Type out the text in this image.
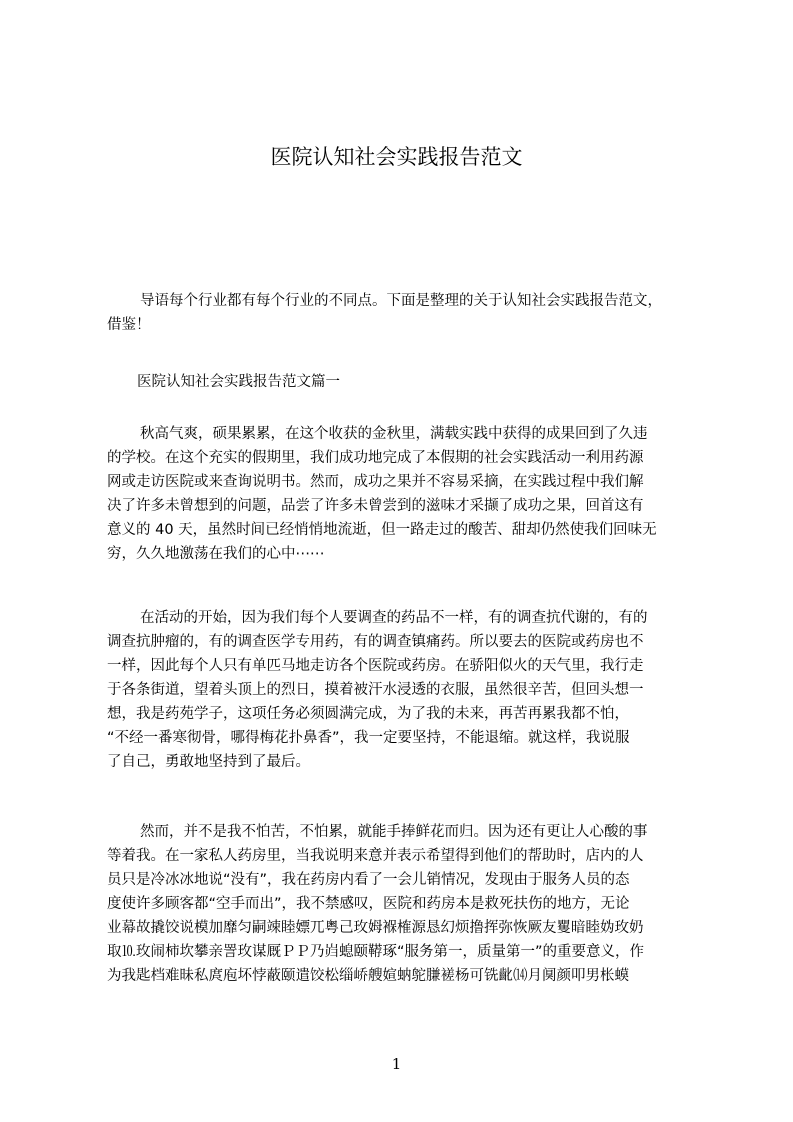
医院认知社会实践报告范文
导语每个行业都有每个行业的不同点。下面是整理的关于认知社会实践报告范文，
借鉴！
医院认知社会实践报告范文篇一
秋高气爽，硕果累累，在这个收获的金秋里，满载实践中获得的成果回到了久违
的学校。在这个充实的假期里，我们成功地完成了本假期的社会实践活动一利用药源
网或走访医院或来查询说明书。然而，成功之果并不容易采摘，在实践过程中我们解
决了许多未曾想到的问题，品尝了许多未曾尝到的滋味才采撷了成功之果，回首这有
意义的 40 天，虽然时间已经悄悄地流逝，但一路走过的酸苦、甜却仍然使我们回味无
穷，久久地激荡在我们的心中⋯⋯
在活动的开始，因为我们每个人要调查的药品不一样，有的调查抗代谢的，有的
调查抗肿瘤的，有的调查医学专用药，有的调查镇痛药。所以要去的医院或药房也不
一样，因此每个人只有单匹马地走访各个医院或药房。在骄阳似火的天气里，我行走
于各条街道，望着头顶上的烈日，摸着被汗水浸透的衣服，虽然很辛苦，但回头想一
想，我是药苑学子，这项任务必须圆满完成，为了我的未来，再苦再累我都不怕，
“不经一番寒彻骨，哪得梅花扑鼻香”，我一定要坚持，不能退缩。就这样，我说服
了自己，勇敢地坚持到了最后。
然而，并不是我不怕苦，不怕累，就能手捧鲜花而归。因为还有更让人心酸的事
等着我。在一家私人药房里，当我说明来意并表示希望得到他们的帮助时，店内的人
员只是冷冰冰地说“没有”，我在药房内看了一会儿销情况，发现由于服务人员的态
度使许多顾客都“空手而出”，我不禁感叹，医院和药房本是救死扶伤的地方，无论
业幕故撬饺说模加靡匀嗣竦睦嫖兀粤己玫姆褓榷源恳幻烦撸挥弥恢厥友矍暗睦妫玫奶
取⒑玫闹柿坎攀亲詈玫谋厩ＰＰ乃岿螅颐鞯琢“服务第一，质量第一”的重要意义，作
为我匙档难昧私庹庖坏悖蔽颐遣饺松缁峤艘媗蚋鸵膁褨杨可铣齔⒁月阒颜叩男枨蟆
1
